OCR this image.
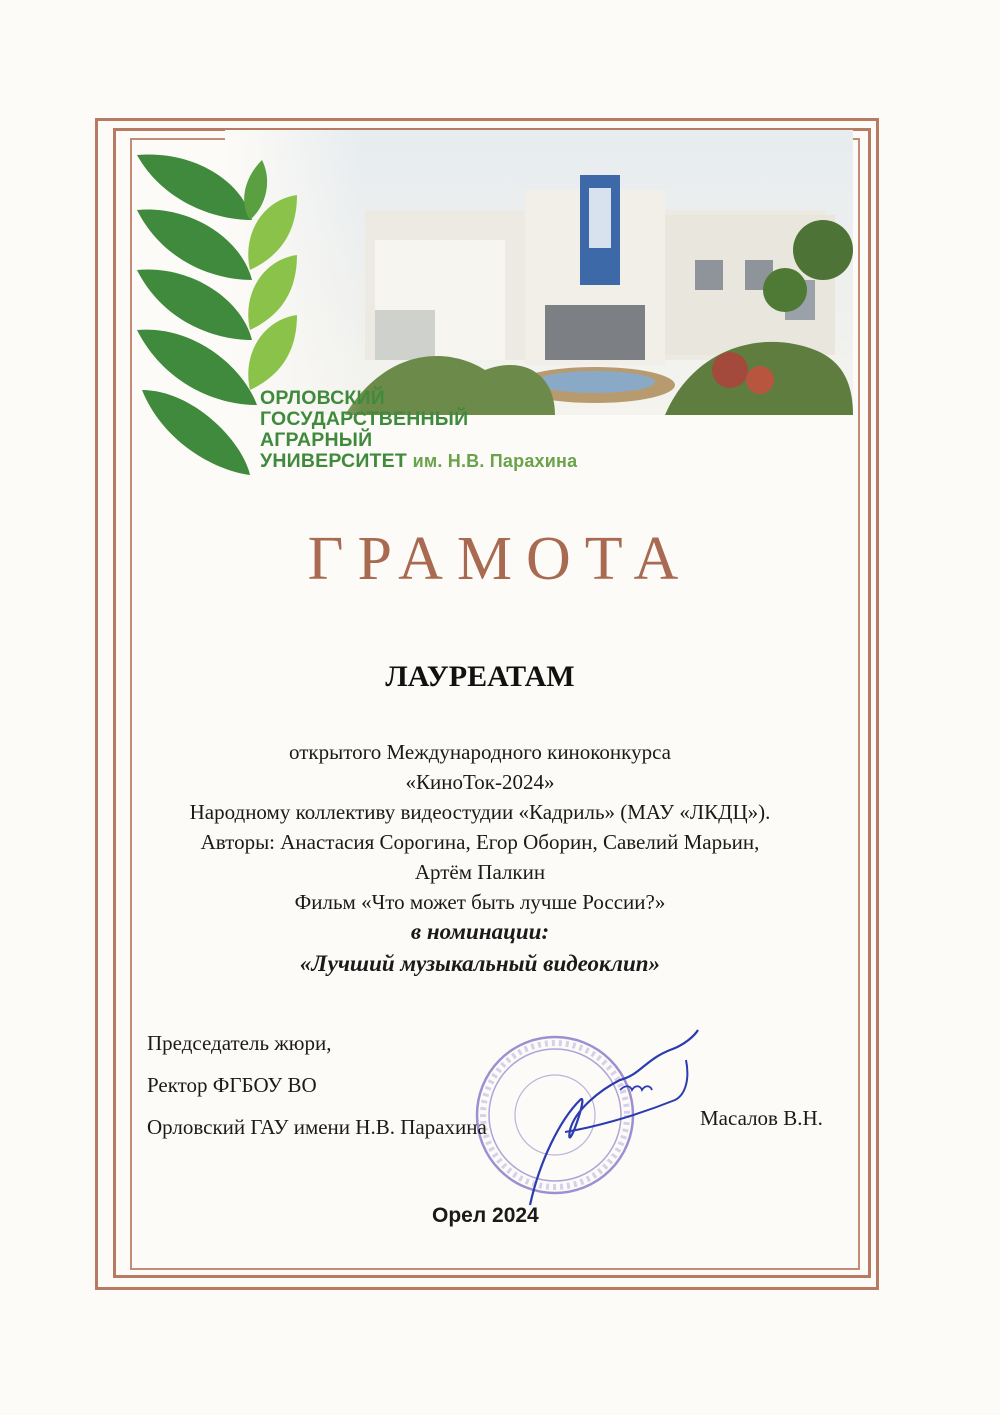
ОРЛОВСКИЙ
ГОСУДАРСТВЕННЫЙ
АГРАРНЫЙ
УНИВЕРСИТЕТ им. Н.В. Парахина
ГРАМОТА
ЛАУРЕАТАМ
открытого Международного киноконкурса
«КиноТок-2024»
Народному коллективу видеостудии «Кадриль» (МАУ «ЛКДЦ»).
Авторы: Анастасия Сорогина, Егор Оборин, Савелий Марьин,
Артём Палкин
Фильм «Что может быть лучше России?»
в номинации:
«Лучший музыкальный видеоклип»
Председатель жюри,
Ректор ФГБОУ ВО
Орловский ГАУ имени Н.В. Парахина	Масалов В.Н.
Орел 2024
